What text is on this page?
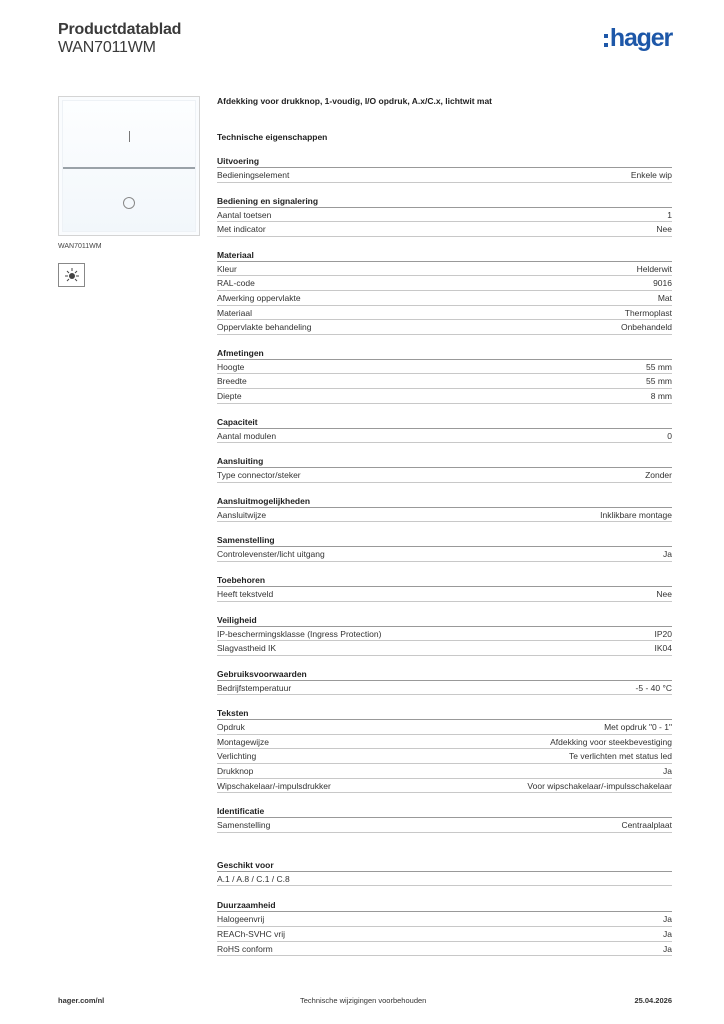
Productdatablad
WAN7011WM	hager
WAN7011WM
Afdekking voor drukknop, 1-voudig, I/O opdruk, A.x/C.x, lichtwit mat
Technische eigenschappen
Uitvoering
Bedieningselement	Enkele wip
Bediening en signalering
Aantal toetsen	1
Met indicator	Nee
Materiaal
Kleur	Helderwit
RAL-code	9016
Afwerking oppervlakte	Mat
Materiaal	Thermoplast
Oppervlakte behandeling	Onbehandeld
Afmetingen
Hoogte	55 mm
Breedte	55 mm
Diepte	8 mm
Capaciteit
Aantal modulen	0
Aansluiting
Type connector/steker	Zonder
Aansluitmogelijkheden
Aansluitwijze	Inklikbare montage
Samenstelling
Controlevenster/licht uitgang	Ja
Toebehoren
Heeft tekstveld	Nee
Veiligheid
IP-beschermingsklasse (Ingress Protection)	IP20
Slagvastheid IK	IK04
Gebruiksvoorwaarden
Bedrijfstemperatuur	-5 - 40 °C
Teksten
Opdruk	Met opdruk "0 - 1"
Montagewijze	Afdekking voor steekbevestiging
Verlichting	Te verlichten met status led
Drukknop	Ja
Wipschakelaar/-impulsdrukker	Voor wipschakelaar/-impulsschakelaar
Identificatie
Samenstelling	Centraalplaat
Geschikt voor
A.1 / A.8 / C.1 / C.8
Duurzaamheid
Halogeenvrij	Ja
REACh-SVHC vrij	Ja
RoHS conform	Ja
hager.com/nl	Technische wijzigingen voorbehouden	25.04.2026
